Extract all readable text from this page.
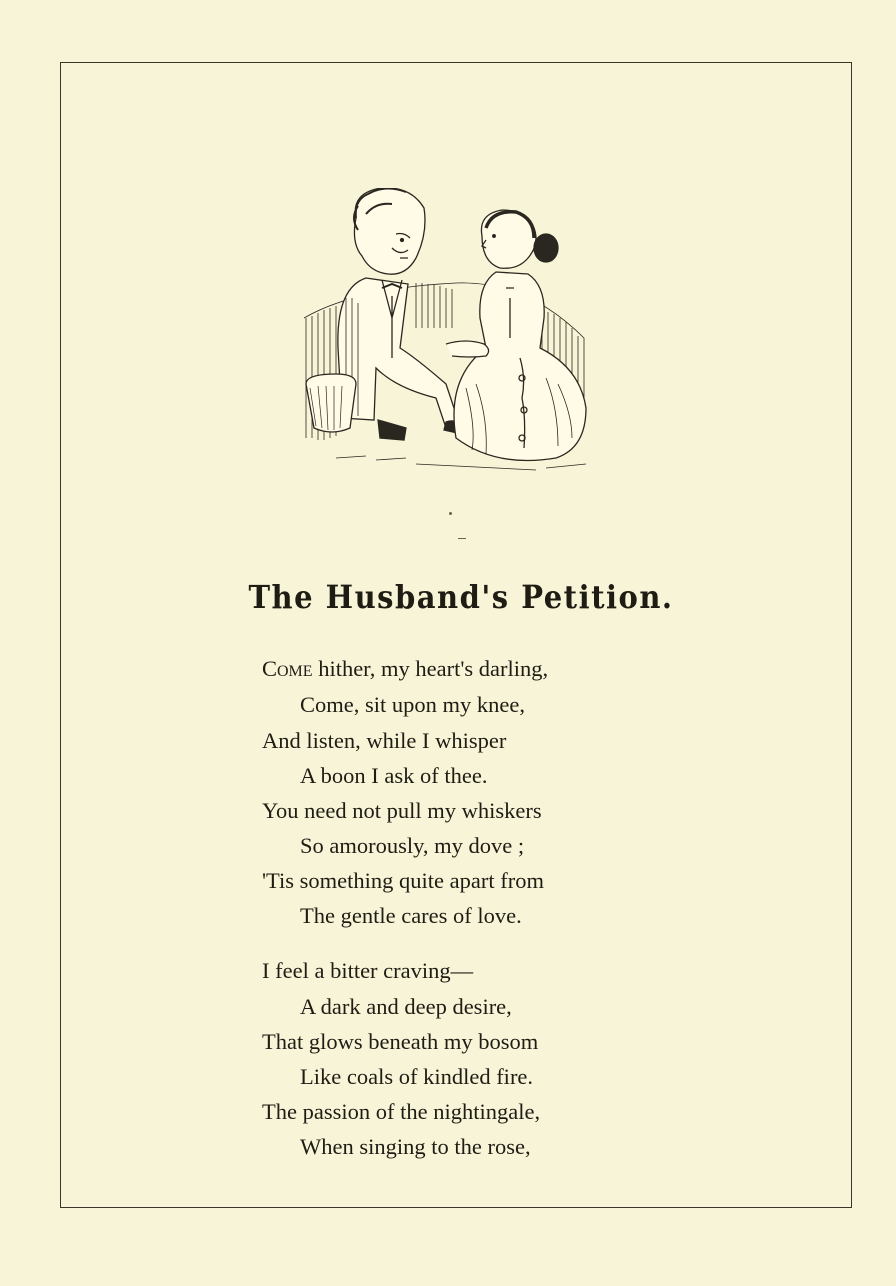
The Husband's Petition.
Come hither, my heart's darling,
Come, sit upon my knee,
And listen, while I whisper
A boon I ask of thee.
You need not pull my whiskers
So amorously, my dove ;
'Tis something quite apart from
The gentle cares of love.
I feel a bitter craving—
A dark and deep desire,
That glows beneath my bosom
Like coals of kindled fire.
The passion of the nightingale,
When singing to the rose,
